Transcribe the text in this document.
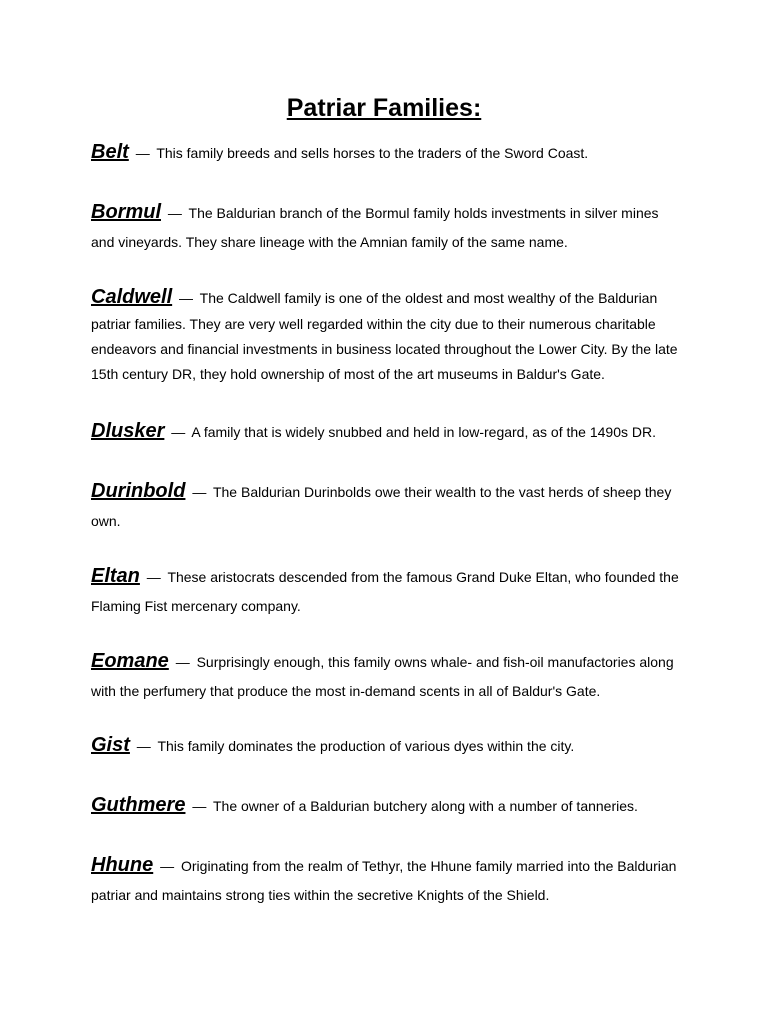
Patriar Families:
Belt — This family breeds and sells horses to the traders of the Sword Coast.
Bormul — The Baldurian branch of the Bormul family holds investments in silver mines and vineyards. They share lineage with the Amnian family of the same name.
Caldwell — The Caldwell family is one of the oldest and most wealthy of the Baldurian patriar families. They are very well regarded within the city due to their numerous charitable endeavors and financial investments in business located throughout the Lower City. By the late 15th century DR, they hold ownership of most of the art museums in Baldur's Gate.
Dlusker — A family that is widely snubbed and held in low-regard, as of the 1490s DR.
Durinbold — The Baldurian Durinbolds owe their wealth to the vast herds of sheep they own.
Eltan — These aristocrats descended from the famous Grand Duke Eltan, who founded the Flaming Fist mercenary company.
Eomane — Surprisingly enough, this family owns whale- and fish-oil manufactories along with the perfumery that produce the most in-demand scents in all of Baldur's Gate.
Gist — This family dominates the production of various dyes within the city.
Guthmere — The owner of a Baldurian butchery along with a number of tanneries.
Hhune — Originating from the realm of Tethyr, the Hhune family married into the Baldurian patriar and maintains strong ties within the secretive Knights of the Shield.
